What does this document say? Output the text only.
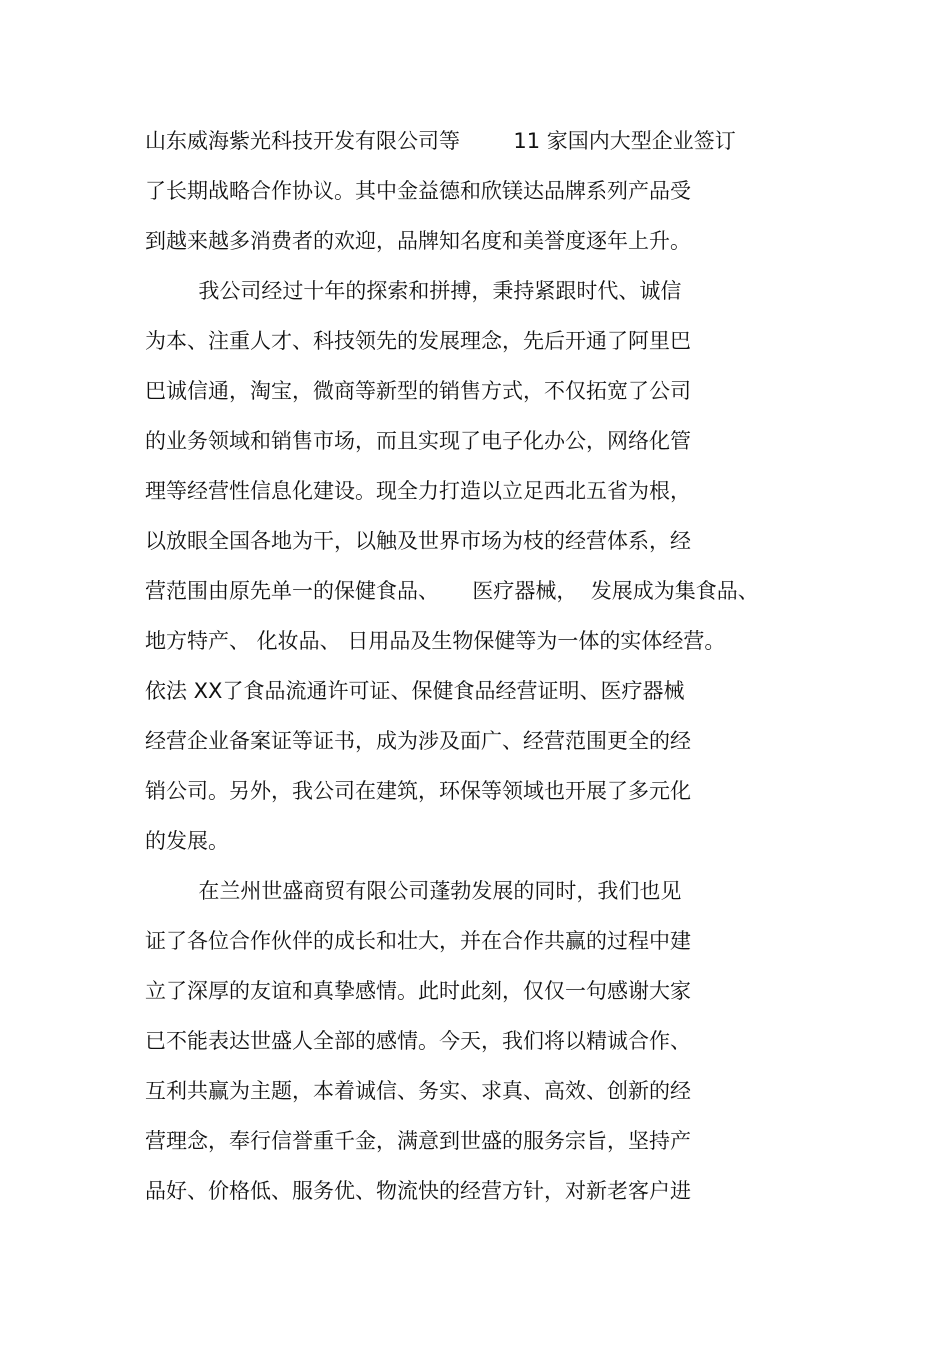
山东威海紫光科技开发有限公司等        11 家国内大型企业签订
了长期战略合作协议。其中金益德和欣镁达品牌系列产品受
到越来越多消费者的欢迎，品牌知名度和美誉度逐年上升。
我公司经过十年的探索和拼搏，秉持紧跟时代、诚信
为本、注重人才、科技领先的发展理念，先后开通了阿里巴
巴诚信通，淘宝，微商等新型的销售方式，不仅拓宽了公司
的业务领域和销售市场，而且实现了电子化办公，网络化管
理等经营性信息化建设。现全力打造以立足西北五省为根，
以放眼全国各地为干，以触及世界市场为枝的经营体系，经
营范围由原先单一的保健食品、     医疗器械，  发展成为集食品、
地方特产、 化妆品、 日用品及生物保健等为一体的实体经营。
依法 XX了食品流通许可证、保健食品经营证明、医疗器械
经营企业备案证等证书，成为涉及面广、经营范围更全的经
销公司。另外，我公司在建筑，环保等领域也开展了多元化
的发展。
在兰州世盛商贸有限公司蓬勃发展的同时，我们也见
证了各位合作伙伴的成长和壮大，并在合作共赢的过程中建
立了深厚的友谊和真挚感情。此时此刻，仅仅一句感谢大家
已不能表达世盛人全部的感情。今天，我们将以精诚合作、
互利共赢为主题，本着诚信、务实、求真、高效、创新的经
营理念，奉行信誉重千金，满意到世盛的服务宗旨，坚持产
品好、价格低、服务优、物流快的经营方针，对新老客户进
